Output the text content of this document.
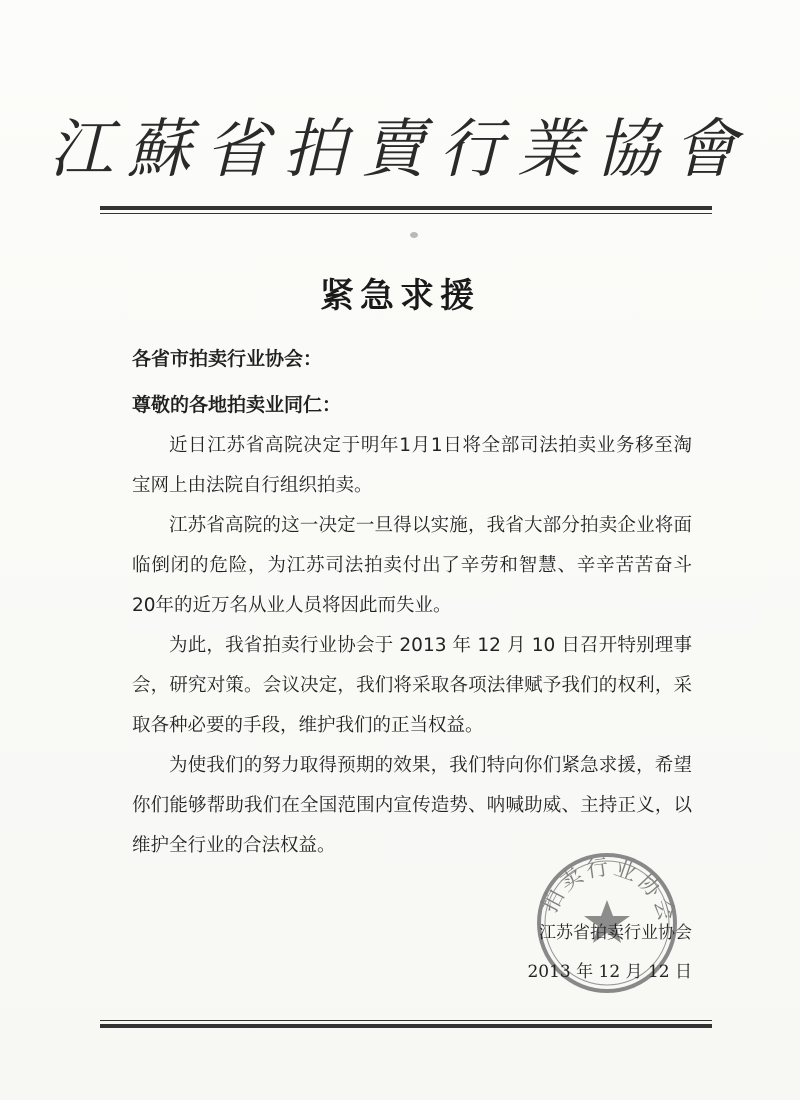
江蘇省拍賣行業協會
紧急求援
各省市拍卖行业协会：
尊敬的各地拍卖业同仁：

近日江苏省高院决定于明年1月1日将全部司法拍卖业务移至淘宝网上由法院自行组织拍卖。

江苏省高院的这一决定一旦得以实施，我省大部分拍卖企业将面临倒闭的危险，为江苏司法拍卖付出了辛劳和智慧、辛辛苦苦奋斗20年的近万名从业人员将因此而失业。

为此，我省拍卖行业协会于 2013 年 12 月 10 日召开特别理事会，研究对策。会议决定，我们将采取各项法律赋予我们的权利，采取各种必要的手段，维护我们的正当权益。

为使我们的努力取得预期的效果，我们特向你们紧急求援，希望你们能够帮助我们在全国范围内宣传造势、呐喊助威、主持正义，以维护全行业的合法权益。

拍卖行业协会
江苏省拍卖行业协会
2013 年 12 月 12 日
